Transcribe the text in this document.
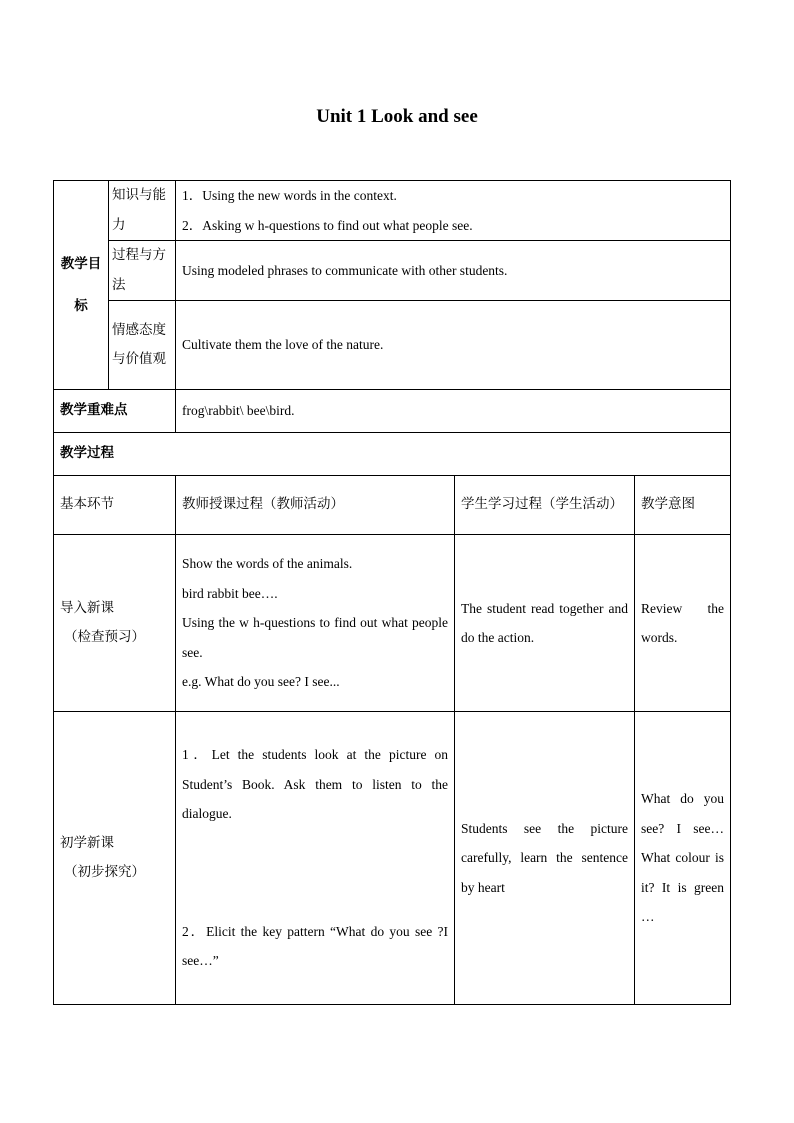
Unit 1 Look and see
教学目标	知识与能力	1．Using the new words in the context.
2．Asking w h-questions to find out what people see.		

	过程与方法	Using modeled phrases to communicate with other students.		

	情感态度与价值观	Cultivate them the love of the nature.		

教学重难点		frog\rabbit\ bee\bird.		
教学过程				
基本环节		教师授课过程（教师活动）	学生学习过程（学生活动）	教学意图

导入新课
（检查预习）		Show the words of the animals.
bird rabbit bee….
Using the w h-questions to find out what people see.
e.g. What do you see? I see...	The student read together and do the action.	Review the words.

初学新课
（初步探究）		1．Let the students look at the picture on Student’s Book. Ask them to listen to the dialogue.
2．Elicit the key pattern “What do you see ?I see…”	Students see the picture carefully, learn the sentence by heart	What do you see? I see… What colour is it? It is green …
